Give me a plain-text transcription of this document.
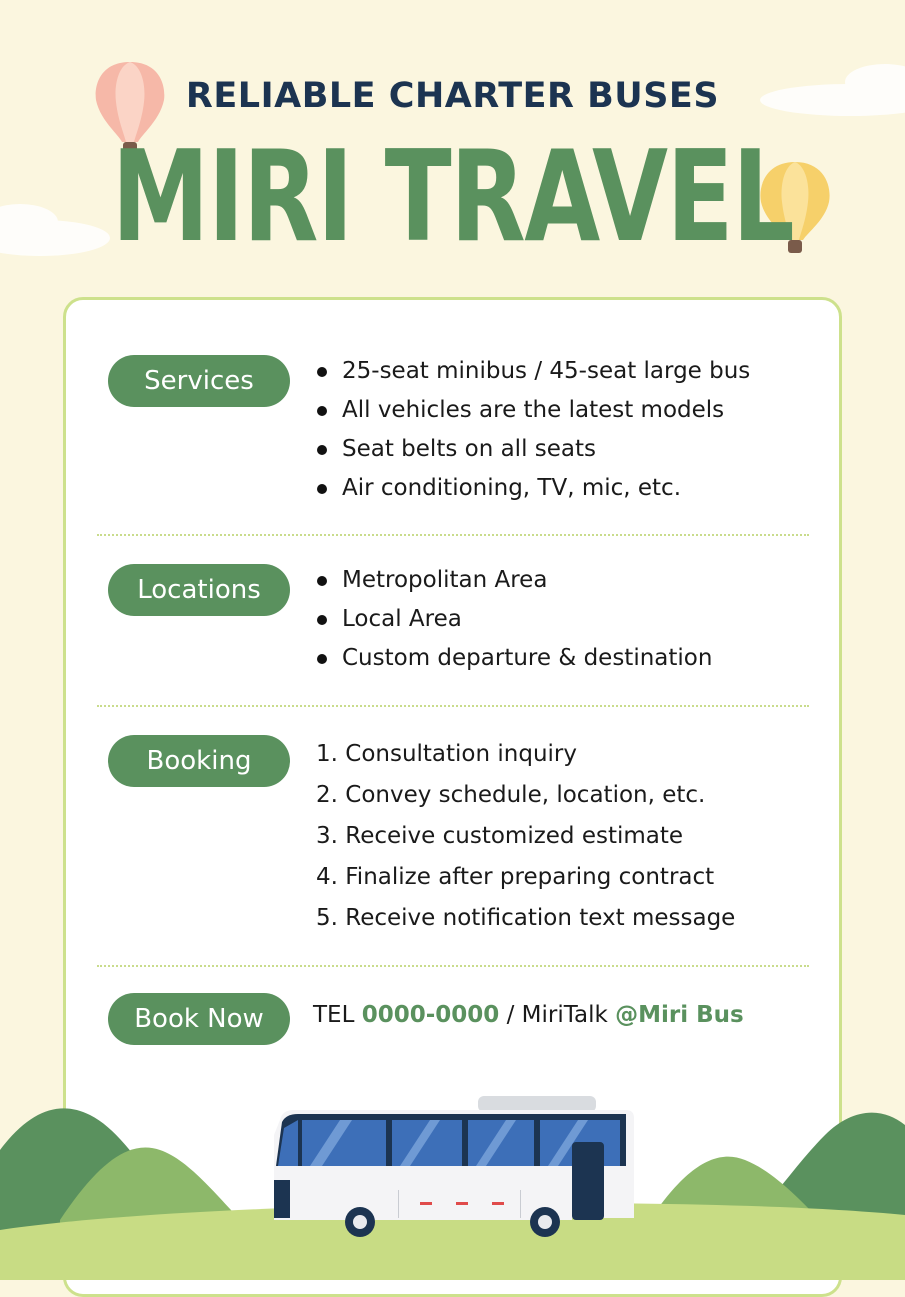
RELIABLE CHARTER BUSES
MIRI TRAVEL
Services	25-seat minibus / 45-seat large bus
All vehicles are the latest models
Seat belts on all seats
Air conditioning, TV, mic, etc.
Locations	Metropolitan Area
Local Area
Custom departure & destination
Booking	1. Consultation inquiry
2. Convey schedule, location, etc.
3. Receive customized estimate
4. Finalize after preparing contract
5. Receive notification text message
Book Now	TEL 0000-0000 / MiriTalk @Miri Bus
